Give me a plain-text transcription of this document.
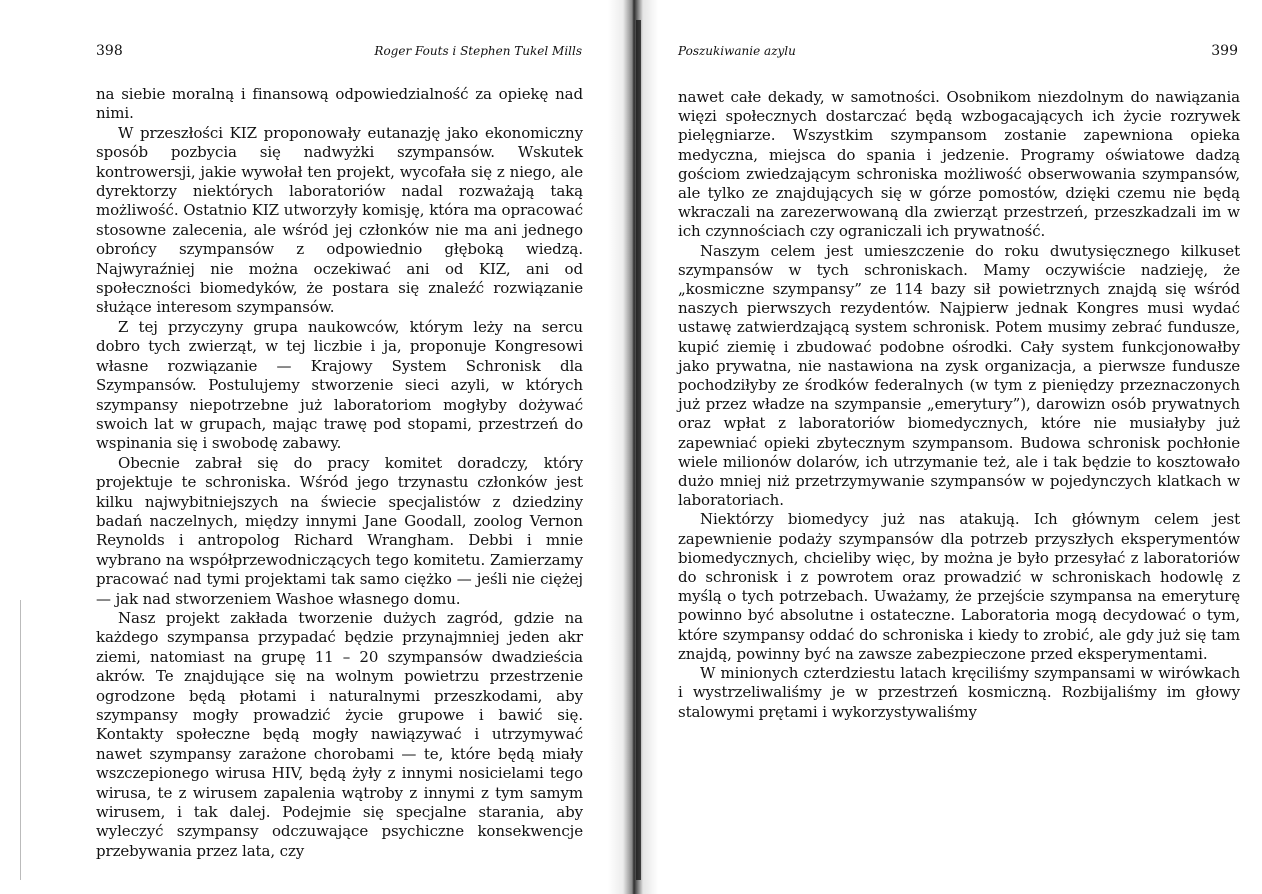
398	Roger Fouts i Stephen Tukel Mills

na siebie moralną i finansową odpowiedzialność za opiekę nad nimi.

W przeszłości KIZ proponowały eutanazję jako ekonomiczny sposób pozbycia się nadwyżki szympansów. Wskutek kontrowersji, jakie wywołał ten projekt, wycofała się z niego, ale dyrektorzy niektórych laboratoriów nadal rozważają taką możliwość. Ostatnio KIZ utworzyły komisję, która ma opracować stosowne zalecenia, ale wśród jej członków nie ma ani jednego obrońcy szympansów z odpowiednio głęboką wiedzą. Najwyraźniej nie można oczekiwać ani od KIZ, ani od społeczności biomedyków, że postara się znaleźć rozwiązanie służące interesom szympansów.

Z tej przyczyny grupa naukowców, którym leży na sercu dobro tych zwierząt, w tej liczbie i ja, proponuje Kongresowi własne rozwiązanie — Krajowy System Schronisk dla Szympansów. Postulujemy stworzenie sieci azyli, w których szympansy niepotrzebne już laboratoriom mogłyby dożywać swoich lat w grupach, mając trawę pod stopami, przestrzeń do wspinania się i swobodę zabawy.

Obecnie zabrał się do pracy komitet doradczy, który projektuje te schroniska. Wśród jego trzynastu członków jest kilku najwybitniejszych na świecie specjalistów z dziedziny badań naczelnych, między innymi Jane Goodall, zoolog Vernon Reynolds i antropolog Richard Wrangham. Debbi i mnie wybrano na współprzewodniczących tego komitetu. Zamierzamy pracować nad tymi projektami tak samo ciężko — jeśli nie ciężej — jak nad stworzeniem Washoe własnego domu.

Nasz projekt zakłada tworzenie dużych zagród, gdzie na każdego szympansa przypadać będzie przynajmniej jeden akr ziemi, natomiast na grupę 11 – 20 szympansów dwadzieścia akrów. Te znajdujące się na wolnym powietrzu przestrzenie ogrodzone będą płotami i naturalnymi przeszkodami, aby szympansy mogły prowadzić życie grupowe i bawić się. Kontakty społeczne będą mogły nawiązywać i utrzymywać nawet szympansy zarażone chorobami — te, które będą miały wszczepionego wirusa HIV, będą żyły z innymi nosicielami tego wirusa, te z wirusem zapalenia wątroby z innymi z tym samym wirusem, i tak dalej. Podejmie się specjalne starania, aby wyleczyć szympansy odczuwające psychiczne konsekwencje przebywania przez lata, czy

Poszukiwanie azylu	399

nawet całe dekady, w samotności. Osobnikom niezdolnym do nawiązania więzi społecznych dostarczać będą wzbogacających ich życie rozrywek pielęgniarze. Wszystkim szympansom zostanie zapewniona opieka medyczna, miejsca do spania i jedzenie. Programy oświatowe dadzą gościom zwiedzającym schroniska możliwość obserwowania szympansów, ale tylko ze znajdujących się w górze pomostów, dzięki czemu nie będą wkraczali na zarezerwowaną dla zwierząt przestrzeń, przeszkadzali im w ich czynnościach czy ograniczali ich prywatność.

Naszym celem jest umieszczenie do roku dwutysięcznego kilkuset szympansów w tych schroniskach. Mamy oczywiście nadzieję, że „kosmiczne szympansy” ze 114 bazy sił powietrznych znajdą się wśród naszych pierwszych rezydentów. Najpierw jednak Kongres musi wydać ustawę zatwierdzającą system schronisk. Potem musimy zebrać fundusze, kupić ziemię i zbudować podobne ośrodki. Cały system funkcjonowałby jako prywatna, nie nastawiona na zysk organizacja, a pierwsze fundusze pochodziłyby ze środków federalnych (w tym z pieniędzy przeznaczonych już przez władze na szympansie „emerytury”), darowizn osób prywatnych oraz wpłat z laboratoriów biomedycznych, które nie musiałyby już zapewniać opieki zbytecznym szympansom. Budowa schronisk pochłonie wiele milionów dolarów, ich utrzymanie też, ale i tak będzie to kosztowało dużo mniej niż przetrzymywanie szympansów w pojedynczych klatkach w laboratoriach.

Niektórzy biomedycy już nas atakują. Ich głównym celem jest zapewnienie podaży szympansów dla potrzeb przyszłych eksperymentów biomedycznych, chcieliby więc, by można je było przesyłać z laboratoriów do schronisk i z powrotem oraz prowadzić w schroniskach hodowlę z myślą o tych potrzebach. Uważamy, że przejście szympansa na emeryturę powinno być absolutne i ostateczne. Laboratoria mogą decydować o tym, które szympansy oddać do schroniska i kiedy to zrobić, ale gdy już się tam znajdą, powinny być na zawsze zabezpieczone przed eksperymentami.

W minionych czterdziestu latach kręciliśmy szympansami w wirówkach i wystrzeliwaliśmy je w przestrzeń kosmiczną. Rozbijaliśmy im głowy stalowymi prętami i wykorzystywaliśmy
